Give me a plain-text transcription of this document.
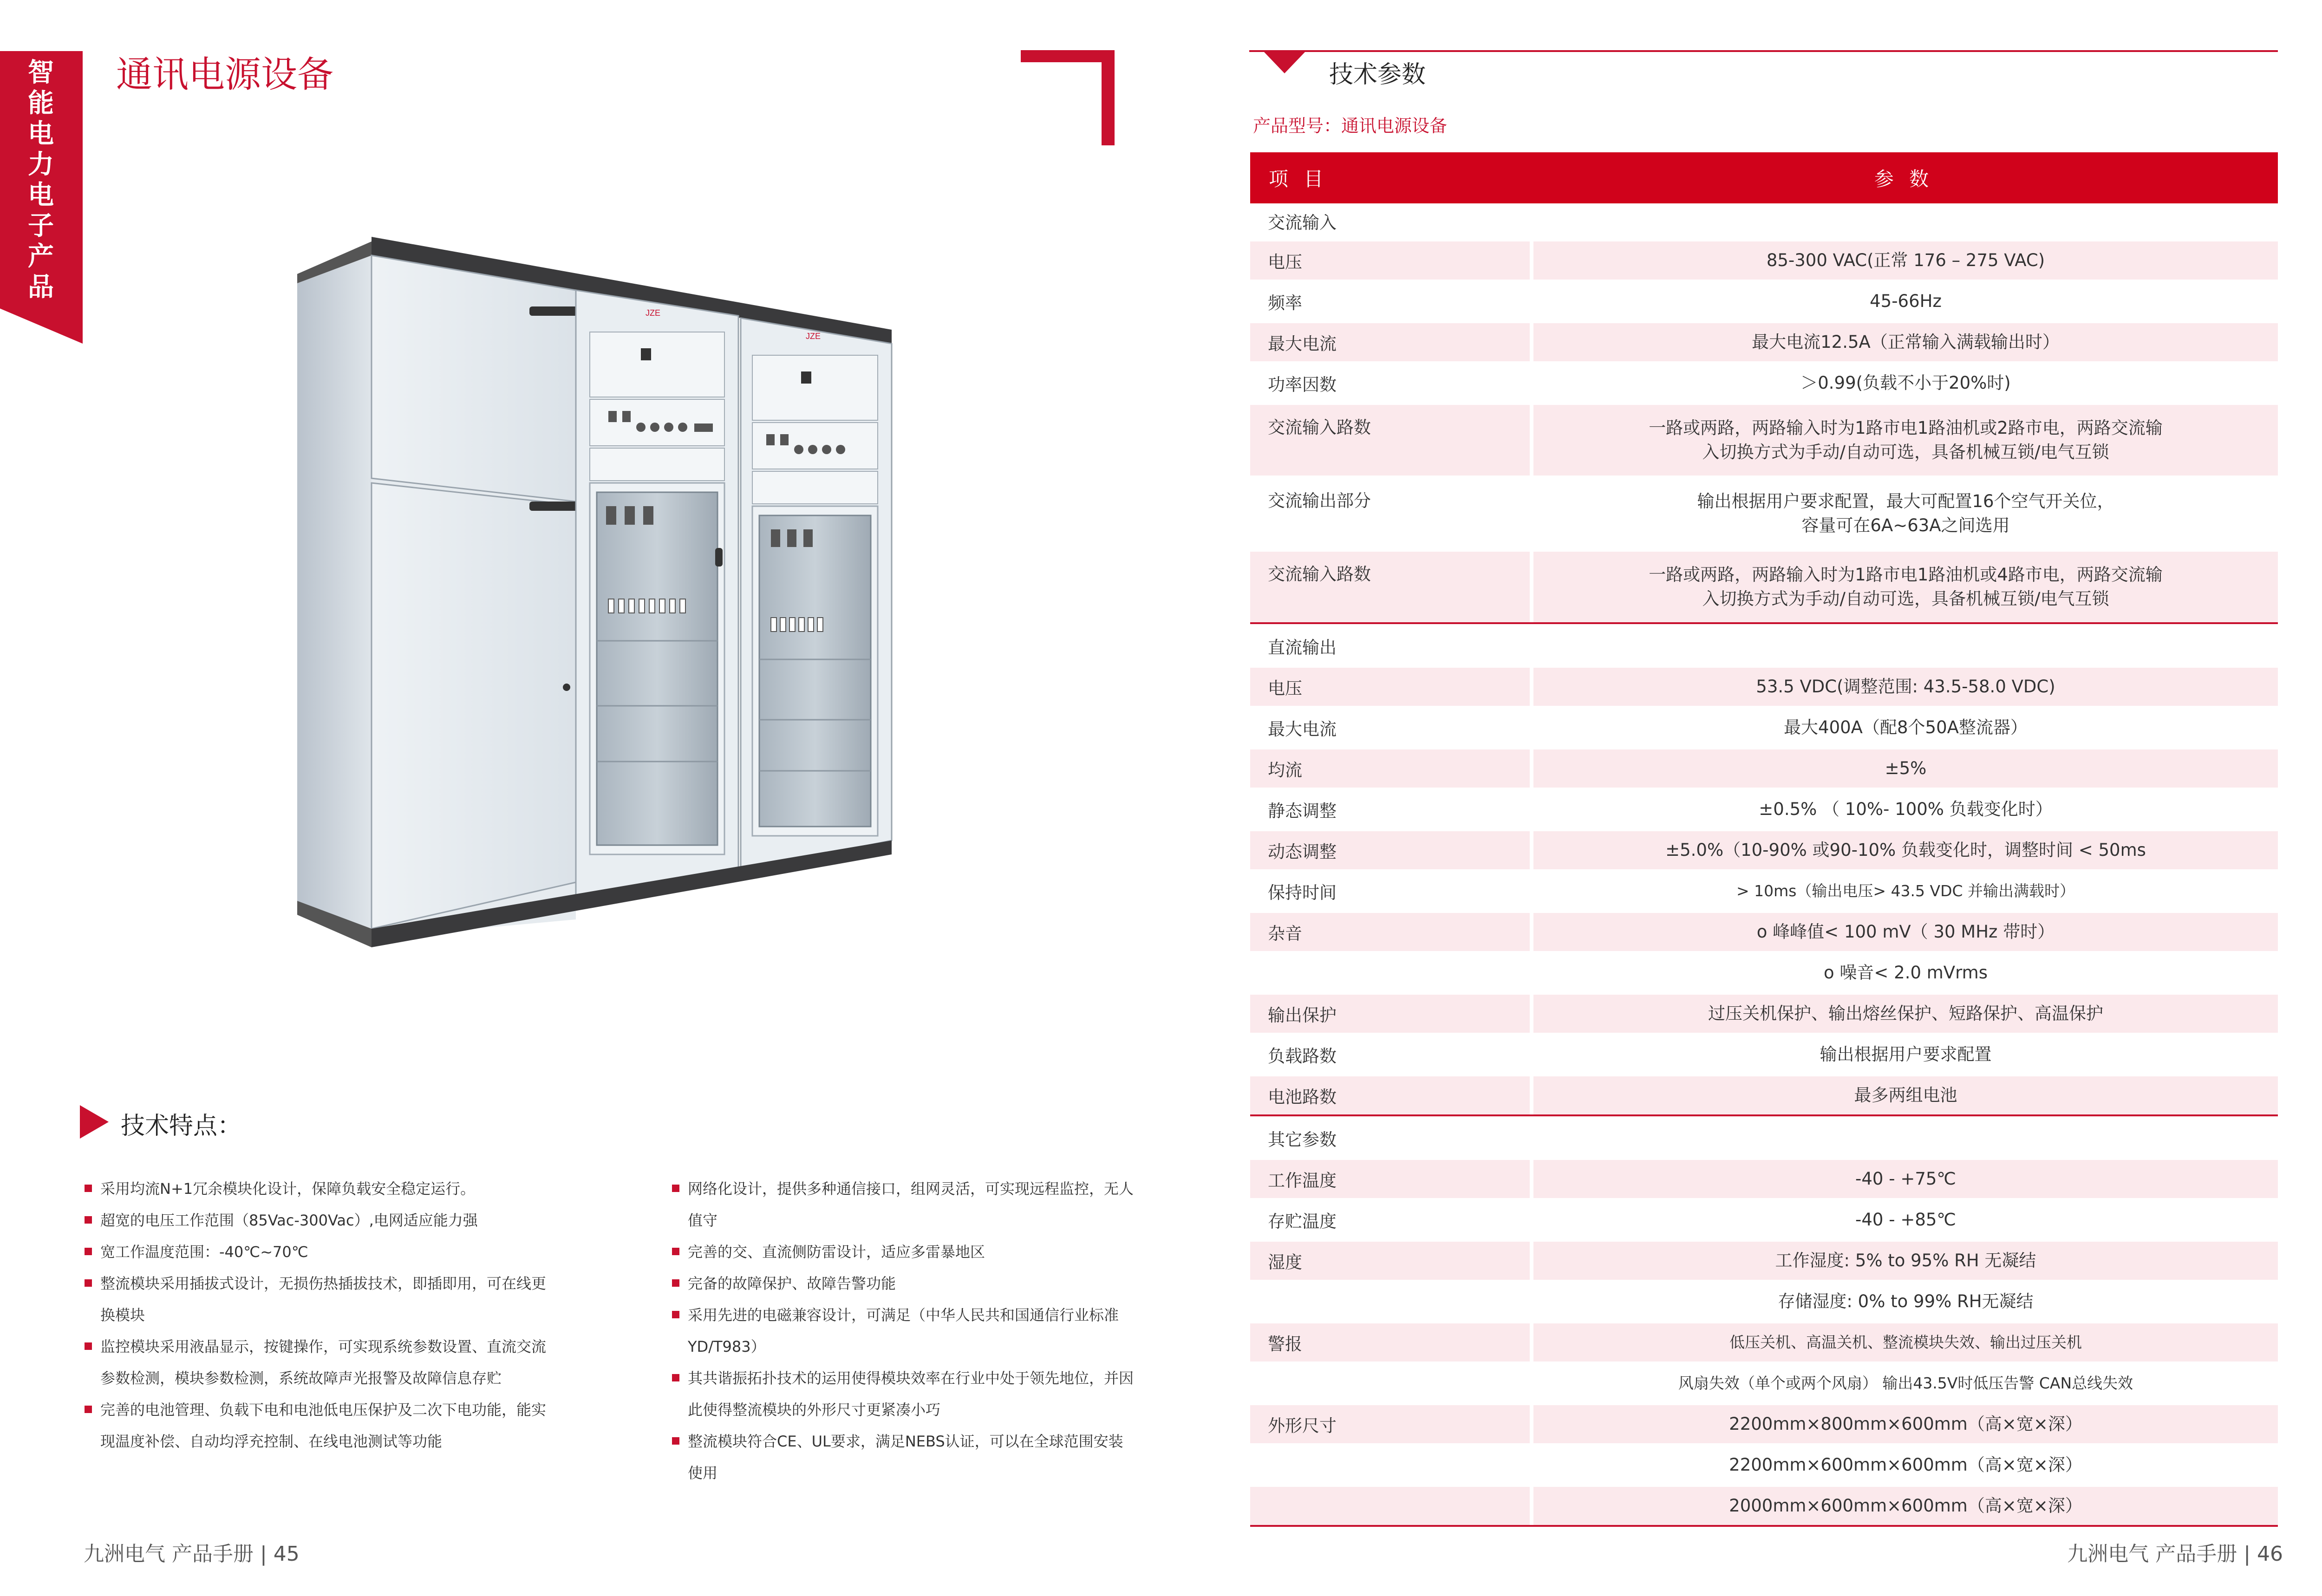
智
能
电
力
电
子
产
品
通讯电源设备
JZE
JZE
技术特点：
采用均流N+1冗余模块化设计，保障负载安全稳定运行。
超宽的电压工作范围（85Vac-300Vac）,电网适应能力强
宽工作温度范围：-40℃~70℃
整流模块采用插拔式设计，无损伤热插拔技术，即插即用，可在线更换模块
监控模块采用液晶显示，按键操作，可实现系统参数设置、直流交流参数检测，模块参数检测，系统故障声光报警及故障信息存贮
完善的电池管理、负载下电和电池低电压保护及二次下电功能，能实现温度补偿、自动均浮充控制、在线电池测试等功能
网络化设计，提供多种通信接口，组网灵活，可实现远程监控，无人值守
完善的交、直流侧防雷设计，适应多雷暴地区
完备的故障保护、故障告警功能
采用先进的电磁兼容设计，可满足（中华人民共和国通信行业标准YD/T983）
其共谐振拓扑技术的运用使得模块效率在行业中处于领先地位，并因此使得整流模块的外形尺寸更紧凑小巧
整流模块符合CE、UL要求，满足NEBS认证，可以在全球范围安装使用
九洲电气 产品手册 | 45
技术参数
产品型号：通讯电源设备
项 目	参 数
交流输入
电压	85-300 VAC(正常 176 – 275 VAC)
频率	45-66Hz
最大电流	最大电流12.5A（正常输入满载输出时）
功率因数	＞0.99(负载不小于20%时)
交流输入路数	一路或两路，两路输入时为1路市电1路油机或2路市电，两路交流输
入切换方式为手动/自动可选，具备机械互锁/电气互锁
交流输出部分	输出根据用户要求配置，最大可配置16个空气开关位，
容量可在6A~63A之间选用
交流输入路数	一路或两路，两路输入时为1路市电1路油机或4路市电，两路交流输
入切换方式为手动/自动可选，具备机械互锁/电气互锁
直流输出
电压	53.5 VDC(调整范围: 43.5-58.0 VDC)
最大电流	最大400A（配8个50A整流器）
均流	±5%
静态调整	±0.5% （ 10%- 100% 负载变化时）
动态调整	±5.0%（10-90% 或90-10% 负载变化时，调整时间 < 50ms
保持时间	> 10ms（输出电压> 43.5 VDC 并输出满载时）
杂音	o 峰峰值< 100 mV（ 30 MHz 带时）
o 噪音< 2.0 mVrms
输出保护	过压关机保护、输出熔丝保护、短路保护、高温保护
负载路数	输出根据用户要求配置
电池路数	最多两组电池
其它参数
工作温度	-40 - +75℃
存贮温度	-40 - +85℃
湿度	工作湿度: 5% to 95% RH 无凝结
存储湿度: 0% to 99% RH无凝结
警报	低压关机、高温关机、整流模块失效、输出过压关机
风扇失效（单个或两个风扇） 输出43.5V时低压告警 CAN总线失效
外形尺寸	2200mm×800mm×600mm（高×宽×深）
2200mm×600mm×600mm（高×宽×深）
2000mm×600mm×600mm（高×宽×深）
九洲电气 产品手册 | 46
